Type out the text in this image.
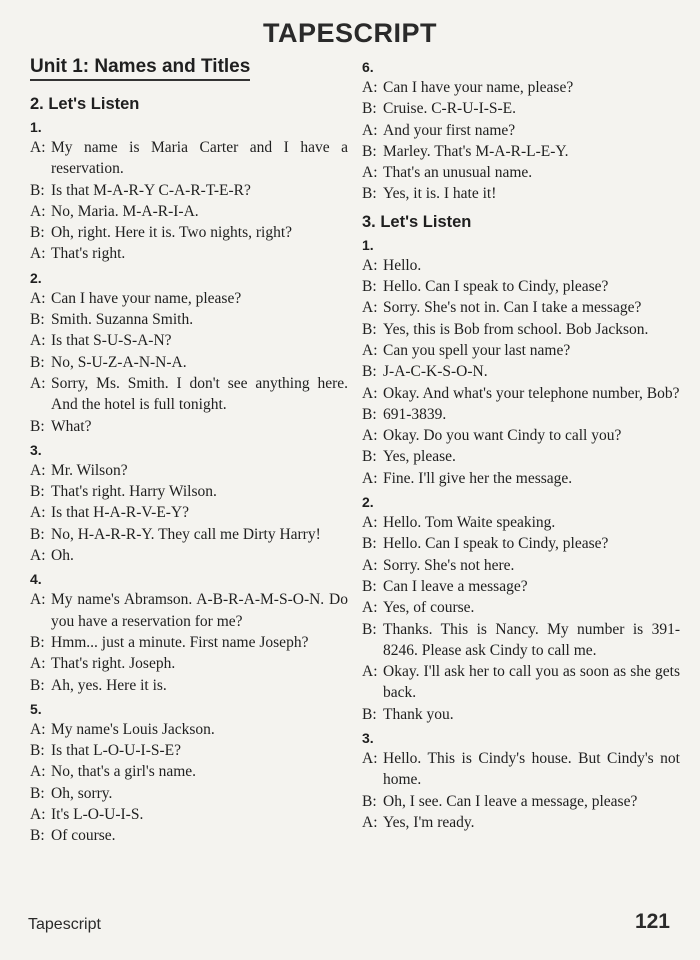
TAPESCRIPT
Unit 1: Names and Titles
2. Let's Listen
1.
A: My name is Maria Carter and I have a reservation.
B: Is that M-A-R-Y C-A-R-T-E-R?
A: No, Maria. M-A-R-I-A.
B: Oh, right. Here it is. Two nights, right?
A: That's right.
2.
A: Can I have your name, please?
B: Smith. Suzanna Smith.
A: Is that S-U-S-A-N?
B: No, S-U-Z-A-N-N-A.
A: Sorry, Ms. Smith. I don't see anything here. And the hotel is full tonight.
B: What?
3.
A: Mr. Wilson?
B: That's right. Harry Wilson.
A: Is that H-A-R-V-E-Y?
B: No, H-A-R-R-Y. They call me Dirty Harry!
A: Oh.
4.
A: My name's Abramson. A-B-R-A-M-S-O-N. Do you have a reservation for me?
B: Hmm... just a minute. First name Joseph?
A: That's right. Joseph.
B: Ah, yes. Here it is.
5.
A: My name's Louis Jackson.
B: Is that L-O-U-I-S-E?
A: No, that's a girl's name.
B: Oh, sorry.
A: It's L-O-U-I-S.
B: Of course.
6.
A: Can I have your name, please?
B: Cruise. C-R-U-I-S-E.
A: And your first name?
B: Marley. That's M-A-R-L-E-Y.
A: That's an unusual name.
B: Yes, it is. I hate it!
3. Let's Listen
1.
A: Hello.
B: Hello. Can I speak to Cindy, please?
A: Sorry. She's not in. Can I take a message?
B: Yes, this is Bob from school. Bob Jackson.
A: Can you spell your last name?
B: J-A-C-K-S-O-N.
A: Okay. And what's your telephone number, Bob?
B: 691-3839.
A: Okay. Do you want Cindy to call you?
B: Yes, please.
A: Fine. I'll give her the message.
2.
A: Hello. Tom Waite speaking.
B: Hello. Can I speak to Cindy, please?
A: Sorry. She's not here.
B: Can I leave a message?
A: Yes, of course.
B: Thanks. This is Nancy. My number is 391-8246. Please ask Cindy to call me.
A: Okay. I'll ask her to call you as soon as she gets back.
B: Thank you.
3.
A: Hello. This is Cindy's house. But Cindy's not home.
B: Oh, I see. Can I leave a message, please?
A: Yes, I'm ready.
Tapescript	121
